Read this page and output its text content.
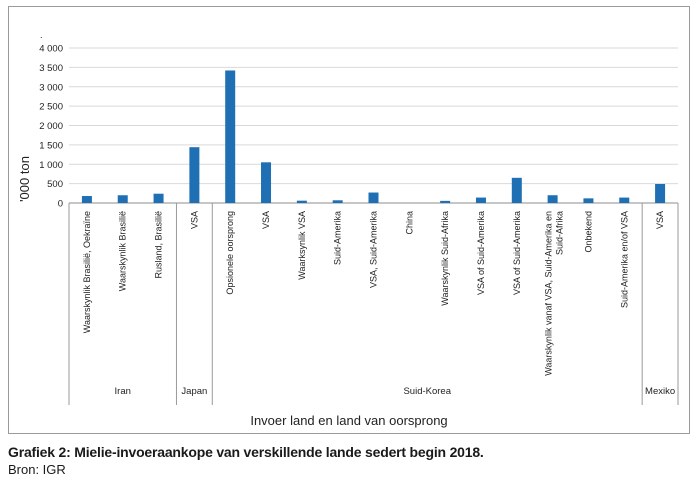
0
500
1 000
1 500
2 000
2 500
3 000
3 500
4 000
Waarskynlik Brasilië, Oekraïne	Waarskynlik Brasilië	Rusland, Brasilië	VSA	Opsionele oorsprong	VSA	Waarksynlik VSA	Suid-Amerika	VSA, Suid-Amerika	China	Waarskynlik Suid-Afrika	VSA of Suid-Amerika	VSA of Suid-Amerika Waarskynlik vanaf VSA, Suid-Amerika en Suid-Afrika Onbekend	Suid-Amerika en/of VSA	VSA
Iran	Japan	Suid-Korea	Mexiko
.
'000 ton
Invoer land en land van oorsprong
Grafiek 2: Mielie-invoeraankope van verskillende lande sedert begin 2018.
Bron: IGR
